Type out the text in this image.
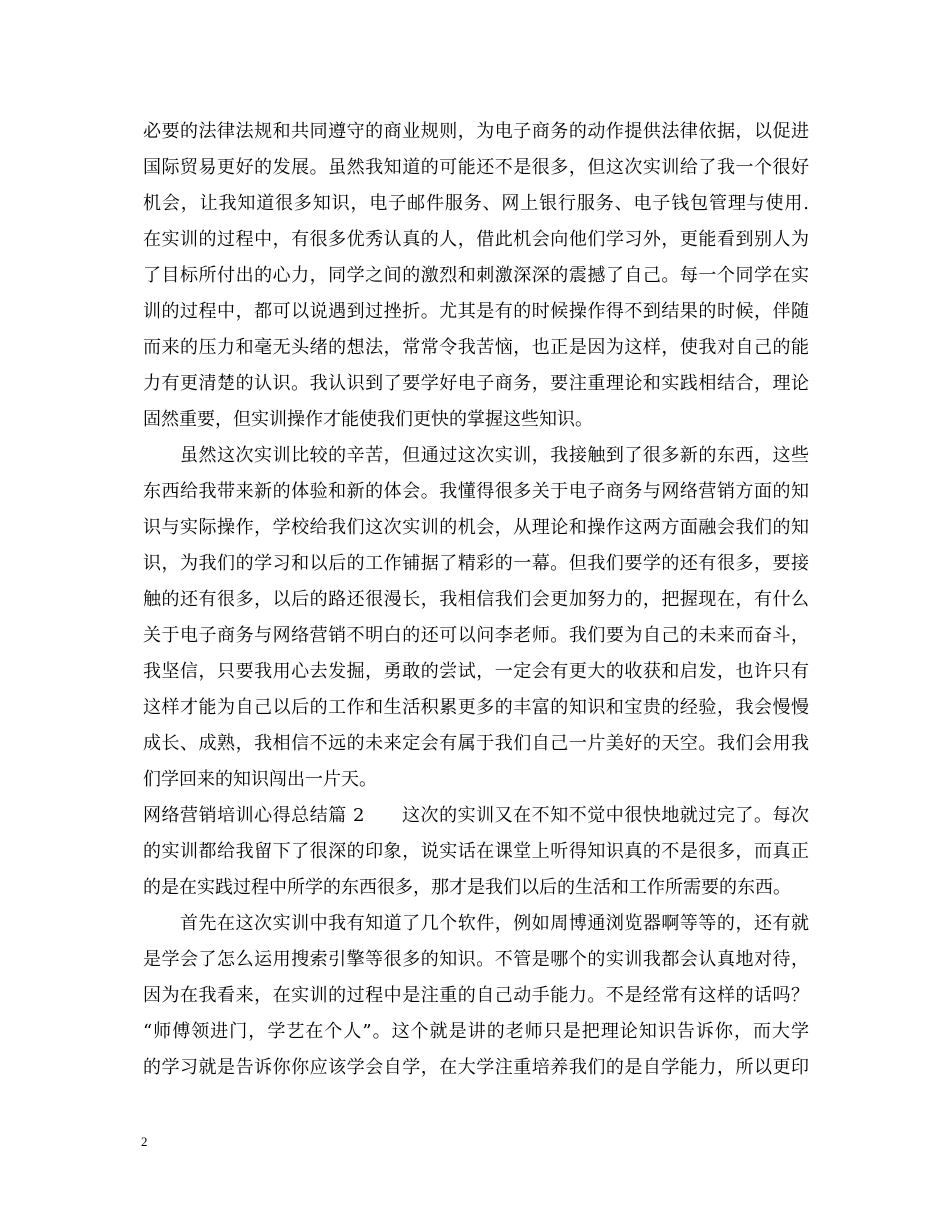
必要的法律法规和共同遵守的商业规则，为电子商务的动作提供法律依据，以促进
国际贸易更好的发展。虽然我知道的可能还不是很多，但这次实训给了我一个很好
机会，让我知道很多知识，电子邮件服务、网上银行服务、电子钱包管理与使用.
在实训的过程中，有很多优秀认真的人，借此机会向他们学习外，更能看到别人为
了目标所付出的心力，同学之间的激烈和刺激深深的震撼了自己。每一个同学在实
训的过程中，都可以说遇到过挫折。尤其是有的时候操作得不到结果的时候，伴随
而来的压力和毫无头绪的想法，常常令我苦恼，也正是因为这样，使我对自己的能
力有更清楚的认识。我认识到了要学好电子商务，要注重理论和实践相结合，理论
固然重要，但实训操作才能使我们更快的掌握这些知识。
虽然这次实训比较的辛苦，但通过这次实训，我接触到了很多新的东西，这些
东西给我带来新的体验和新的体会。我懂得很多关于电子商务与网络营销方面的知
识与实际操作，学校给我们这次实训的机会，从理论和操作这两方面融会我们的知
识，为我们的学习和以后的工作铺据了精彩的一幕。但我们要学的还有很多，要接
触的还有很多，以后的路还很漫长，我相信我们会更加努力的，把握现在，有什么
关于电子商务与网络营销不明白的还可以问李老师。我们要为自己的未来而奋斗，
我坚信，只要我用心去发掘，勇敢的尝试，一定会有更大的收获和启发，也许只有
这样才能为自己以后的工作和生活积累更多的丰富的知识和宝贵的经验，我会慢慢
成长、成熟，我相信不远的未来定会有属于我们自己一片美好的天空。我们会用我
们学回来的知识闯出一片天。
网络营销培训心得总结篇 2　　这次的实训又在不知不觉中很快地就过完了。每次
的实训都给我留下了很深的印象，说实话在课堂上听得知识真的不是很多，而真正
的是在实践过程中所学的东西很多，那才是我们以后的生活和工作所需要的东西。
首先在这次实训中我有知道了几个软件，例如周博通浏览器啊等等的，还有就
是学会了怎么运用搜索引擎等很多的知识。不管是哪个的实训我都会认真地对待，
因为在我看来，在实训的过程中是注重的自己动手能力。不是经常有这样的话吗？
“师傅领进门，学艺在个人”。这个就是讲的老师只是把理论知识告诉你，而大学
的学习就是告诉你你应该学会自学，在大学注重培养我们的是自学能力，所以更印
2
